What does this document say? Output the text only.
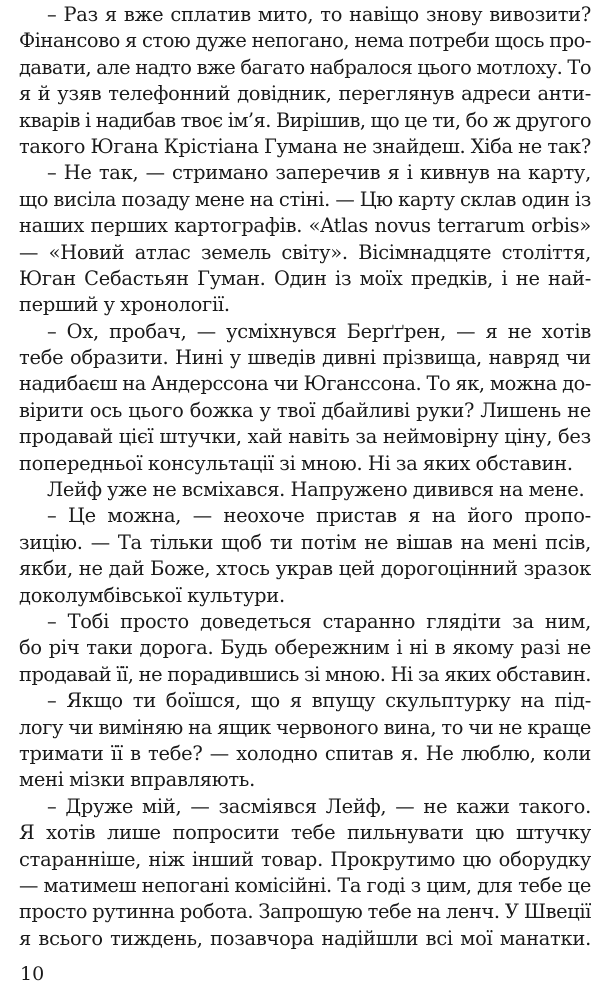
– Раз я вже сплатив мито, то навіщо знову вивозити?
Фінансово я стою дуже непогано, нема потреби щось про-
давати, але надто вже багато набралося цього мотлоху. То
я й узяв телефонний довідник, переглянув адреси анти-
кварів і надибав твоє ім’я. Вирішив, що це ти, бо ж другого
такого Югана Крістіана Гумана не знайдеш. Хіба не так?
– Не так, — стримано заперечив я і кивнув на карту,
що висіла позаду мене на стіні. — Цю карту склав один із
наших перших картографів. «Atlas novus terrarum orbis»
— «Новий атлас земель світу». Вісімнадцяте століття,
Юган Себастьян Гуман. Один із моїх предків, і не най-
перший у хронології.
– Ох, пробач, — усміхнувся Берґґрен, — я не хотів
тебе образити. Нині у шведів дивні прізвища, навряд чи
надибаєш на Андерссона чи Юганссона. То як, можна до-
вірити ось цього божка у твої дбайливі руки? Лишень не
продавай цієї штучки, хай навіть за неймовірну ціну, без
попередньої консультації зі мною. Ні за яких обставин.
Лейф уже не всміхався. Напружено дивився на мене.
– Це можна, — неохоче пристав я на його пропо-
зицію. — Та тільки щоб ти потім не вішав на мені псів,
якби, не дай Боже, хтось украв цей дорогоцінний зразок
доколумбівської культури.
– Тобі просто доведеться старанно глядіти за ним,
бо річ таки дорога. Будь обережним і ні в якому разі не
продавай її, не порадившись зі мною. Ні за яких обставин.
– Якщо ти боїшся, що я впущу скульптурку на під-
логу чи виміняю на ящик червоного вина, то чи не краще
тримати її в тебе? — холодно спитав я. Не люблю, коли
мені мізки вправляють.
– Друже мій, — засміявся Лейф, — не кажи такого.
Я хотів лише попросити тебе пильнувати цю штучку
старанніше, ніж інший товар. Прокрутимо цю оборудку
— матимеш непогані комісійні. Та годі з цим, для тебе це
просто рутинна робота. Запрошую тебе на ленч. У Швеції
я всього тиждень, позавчора надійшли всі мої манатки.
10
